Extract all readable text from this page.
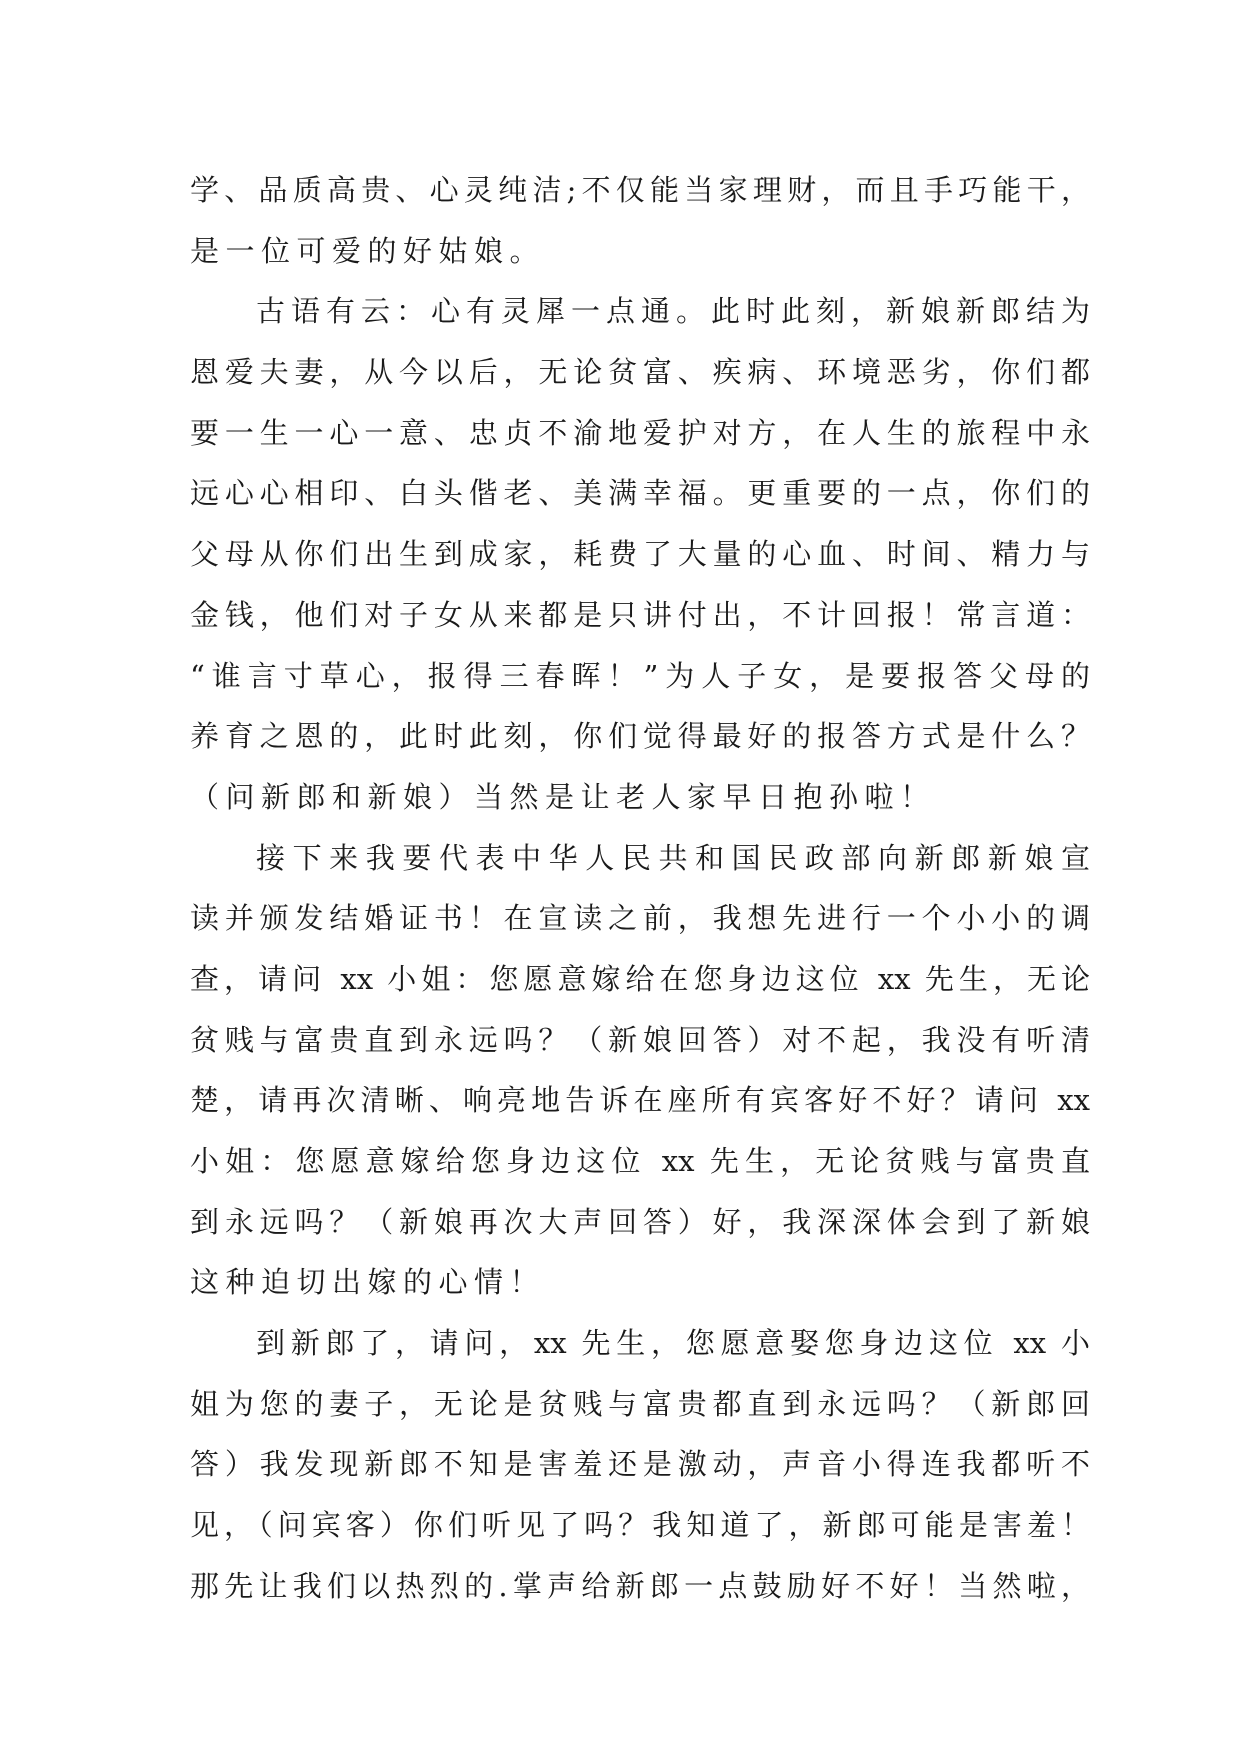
学、品质高贵、心灵纯洁;不仅能当家理财，而且手巧能干，
是一位可爱的好姑娘。
古语有云：心有灵犀一点通。此时此刻，新娘新郎结为
恩爱夫妻，从今以后，无论贫富、疾病、环境恶劣，你们都
要一生一心一意、忠贞不渝地爱护对方，在人生的旅程中永
远心心相印、白头偕老、美满幸福。更重要的一点，你们的
父母从你们出生到成家，耗费了大量的心血、时间、精力与
金钱，他们对子女从来都是只讲付出，不计回报！常言道：
“谁言寸草心，报得三春晖！”为人子女，是要报答父母的
养育之恩的，此时此刻，你们觉得最好的报答方式是什么？
（问新郎和新娘）当然是让老人家早日抱孙啦！
接下来我要代表中华人民共和国民政部向新郎新娘宣
读并颁发结婚证书！在宣读之前，我想先进行一个小小的调
查，请问 xx 小姐：您愿意嫁给在您身边这位 xx 先生，无论
贫贱与富贵直到永远吗？（新娘回答）对不起，我没有听清
楚，请再次清晰、响亮地告诉在座所有宾客好不好？请问 xx
小姐：您愿意嫁给您身边这位 xx 先生，无论贫贱与富贵直
到永远吗？（新娘再次大声回答）好，我深深体会到了新娘
这种迫切出嫁的心情！
到新郎了，请问，xx 先生，您愿意娶您身边这位 xx 小
姐为您的妻子，无论是贫贱与富贵都直到永远吗？（新郎回
答）我发现新郎不知是害羞还是激动，声音小得连我都听不
见，（问宾客）你们听见了吗？我知道了，新郎可能是害羞！
那先让我们以热烈的.掌声给新郎一点鼓励好不好！当然啦，
